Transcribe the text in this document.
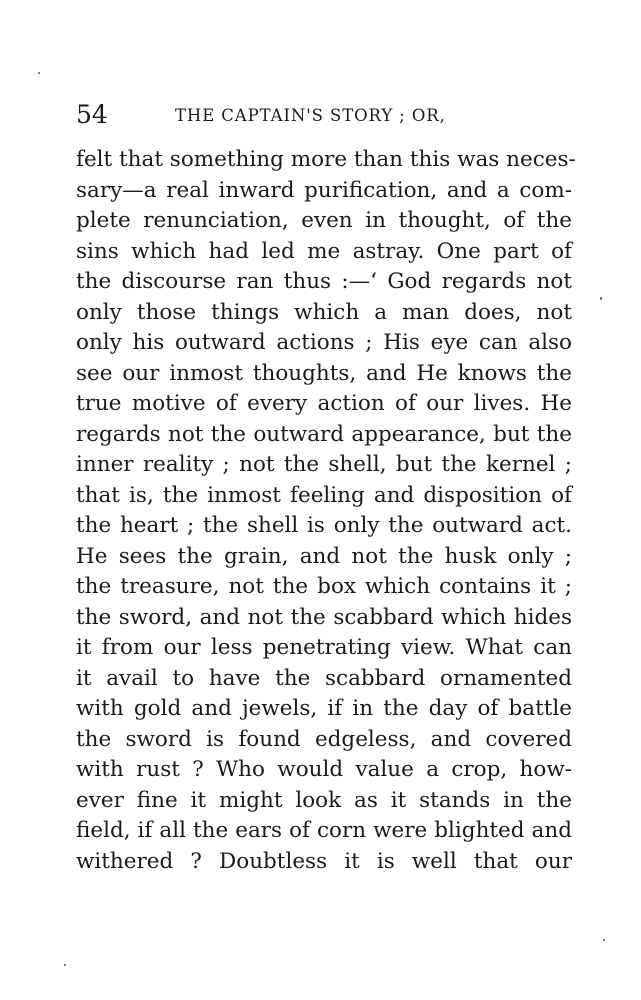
54	THE CAPTAIN'S STORY ; OR,
felt that something more than this was neces-
sary—a real inward purification, and a com-
plete renunciation, even in thought, of the
sins which had led me astray. One part of
the discourse ran thus :—‘ God regards not
only those things which a man does, not
only his outward actions ; His eye can also
see our inmost thoughts, and He knows the
true motive of every action of our lives. He
regards not the outward appearance, but the
inner reality ; not the shell, but the kernel ;
that is, the inmost feeling and disposition of
the heart ; the shell is only the outward act.
He sees the grain, and not the husk only ;
the treasure, not the box which contains it ;
the sword, and not the scabbard which hides
it from our less penetrating view. What can
it avail to have the scabbard ornamented
with gold and jewels, if in the day of battle
the sword is found edgeless, and covered
with rust ? Who would value a crop, how-
ever fine it might look as it stands in the
field, if all the ears of corn were blighted and
withered ? Doubtless it is well that our
